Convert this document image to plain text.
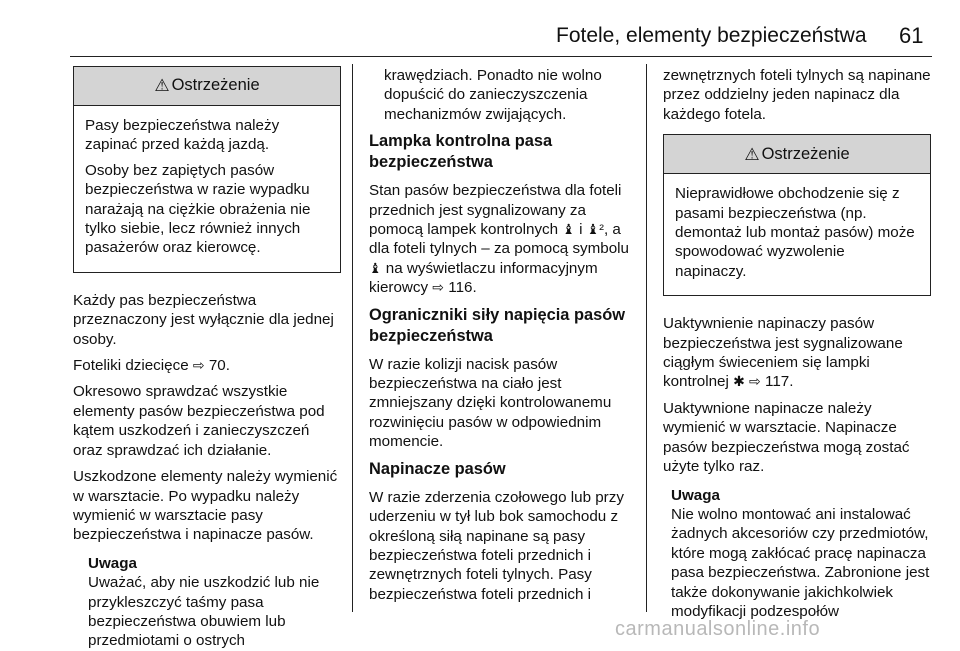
Fotele, elementy bezpieczeństwa 61
⚠ Ostrzeżenie

Pasy bezpieczeństwa należy zapinać przed każdą jazdą.

Osoby bez zapiętych pasów bezpieczeństwa w razie wypadku narażają na ciężkie obrażenia nie tylko siebie, lecz również innych pasażerów oraz kierowcę.

Każdy pas bezpieczeństwa przeznaczony jest wyłącznie dla jednej osoby.

Foteliki dziecięce ⇨ 70.

Okresowo sprawdzać wszystkie elementy pasów bezpieczeństwa pod kątem uszkodzeń i zanieczyszczeń oraz sprawdzać ich działanie.

Uszkodzone elementy należy wymienić w warsztacie. Po wypadku należy wymienić w warsztacie pasy bezpieczeństwa i napinacze pasów.

Uwaga
Uważać, aby nie uszkodzić lub nie przykleszczyć taśmy pasa bezpieczeństwa obuwiem lub przedmiotami o ostrych

krawędziach. Ponadto nie wolno dopuścić do zanieczyszczenia mechanizmów zwijających.

Lampka kontrolna pasa bezpieczeństwa

Stan pasów bezpieczeństwa dla foteli przednich jest sygnalizowany za pomocą lampek kontrolnych ♝ i ♝², a dla foteli tylnych – za pomocą symbolu ♝ na wyświetlaczu informacyjnym kierowcy ⇨ 116.

Ograniczniki siły napięcia pasów bezpieczeństwa

W razie kolizji nacisk pasów bezpieczeństwa na ciało jest zmniejszany dzięki kontrolowanemu rozwinięciu pasów w odpowiednim momencie.

Napinacze pasów

W razie zderzenia czołowego lub przy uderzeniu w tył lub bok samochodu z określoną siłą napinane są pasy bezpieczeństwa foteli przednich i zewnętrznych foteli tylnych. Pasy bezpieczeństwa foteli przednich i

zewnętrznych foteli tylnych są napinane przez oddzielny jeden napinacz dla każdego fotela.

⚠ Ostrzeżenie

Nieprawidłowe obchodzenie się z pasami bezpieczeństwa (np. demontaż lub montaż pasów) może spowodować wyzwolenie napinaczy.

Uaktywnienie napinaczy pasów bezpieczeństwa jest sygnalizowane ciągłym świeceniem się lampki kontrolnej ✱ ⇨ 117.

Uaktywnione napinacze należy wymienić w warsztacie. Napinacze pasów bezpieczeństwa mogą zostać użyte tylko raz.

Uwaga
Nie wolno montować ani instalować żadnych akcesoriów czy przedmiotów, które mogą zakłócać pracę napinacza pasa bezpieczeństwa. Zabronione jest także dokonywanie jakichkolwiek modyfikacji podzespołów
carmanualsonline.info
